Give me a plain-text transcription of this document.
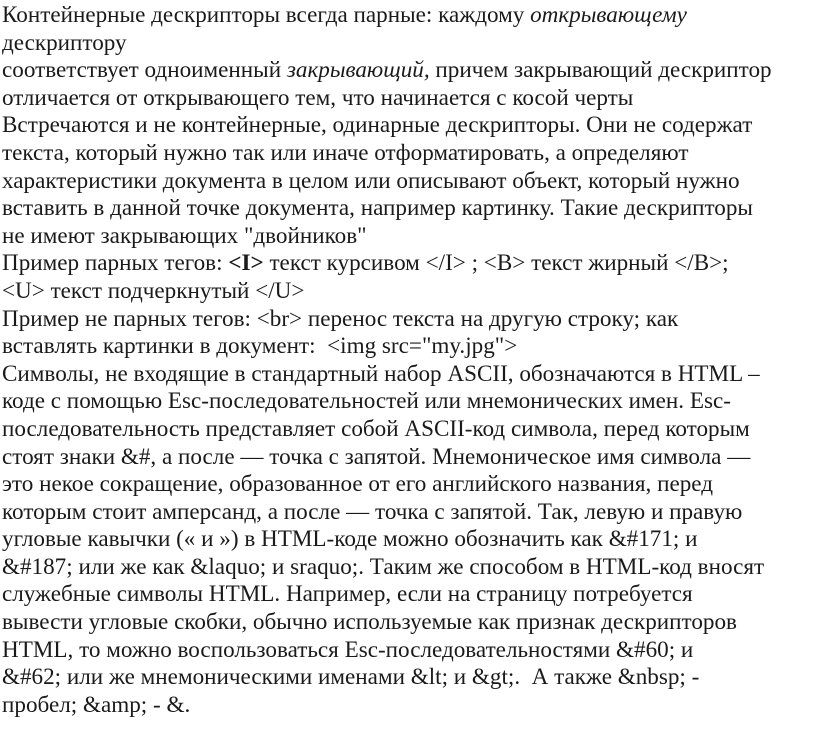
Контейнерные дескрипторы всегда парные: каждому открывающему
дескриптору
соответствует одноименный закрывающий, причем закрывающий дескриптор
отличается от открывающего тем, что начинается с косой черты
Встречаются и не контейнерные, одинарные дескрипторы. Они не содержат
текста, который нужно так или иначе отформатировать, а определяют
характеристики документа в целом или описывают объект, который нужно
вставить в данной точке документа, например картинку. Такие дескрипторы
не имеют закрывающих "двойников"
Пример парных тегов: <I> текст курсивом </I> ; <B> текст жирный </B>;
<U> текст подчеркнутый </U>
Пример не парных тегов: <br> перенос текста на другую строку; как
вставлять картинки в документ:  <img src="my.jpg">
Символы, не входящие в стандартный набор ASCII, обозначаются в HTML –
коде с помощью Esc-последовательностей или мнемонических имен. Esc-
последовательность представляет собой ASCII-код символа, перед которым
стоят знаки &#, а после — точка с запятой. Мнемоническое имя символа —
это некое сокращение, образованное от его английского названия, перед
которым стоит амперсанд, а после — точка с запятой. Так, левую и правую
угловые кавычки (« и ») в HTML-коде можно обозначить как &#171; и
&#187; или же как &laquo; и sraquo;. Таким же способом в HTML-код вносят
служебные символы HTML. Например, если на страницу потребуется
вывести угловые скобки, обычно используемые как признак дескрипторов
HTML, то можно воспользоваться Esc-последовательностями &#60; и
&#62; или же мнемоническими именами &lt; и &gt;.  А также &nbsp; -
пробел; &amp; - &.
